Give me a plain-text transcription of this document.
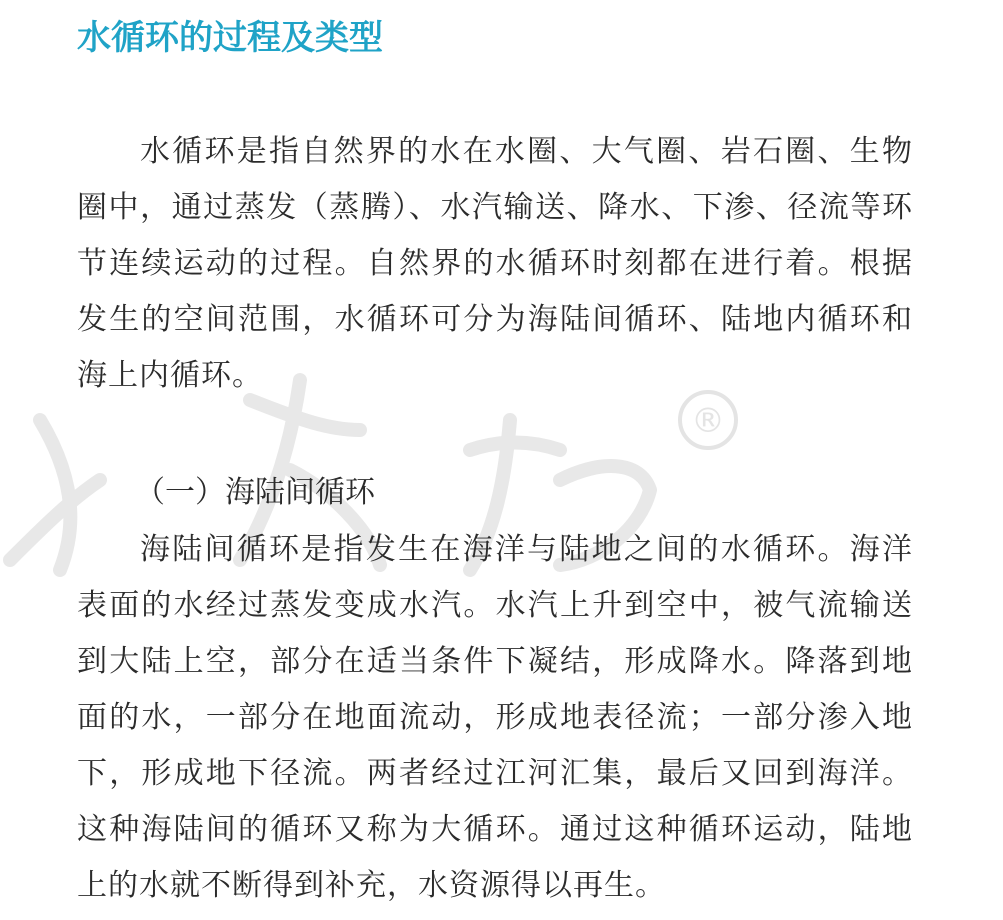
®
水循环的过程及类型

水循环是指自然界的水在水圈、大气圈、岩石圈、生物圈中，通过蒸发（蒸腾）、水汽输送、降水、下渗、径流等环节连续运动的过程。自然界的水循环时刻都在进行着。根据发生的空间范围，水循环可分为海陆间循环、陆地内循环和海上内循环。

（一）海陆间循环

海陆间循环是指发生在海洋与陆地之间的水循环。海洋表面的水经过蒸发变成水汽。水汽上升到空中，被气流输送到大陆上空，部分在适当条件下凝结，形成降水。降落到地面的水，一部分在地面流动，形成地表径流；一部分渗入地下，形成地下径流。两者经过江河汇集，最后又回到海洋。这种海陆间的循环又称为大循环。通过这种循环运动，陆地上的水就不断得到补充，水资源得以再生。
